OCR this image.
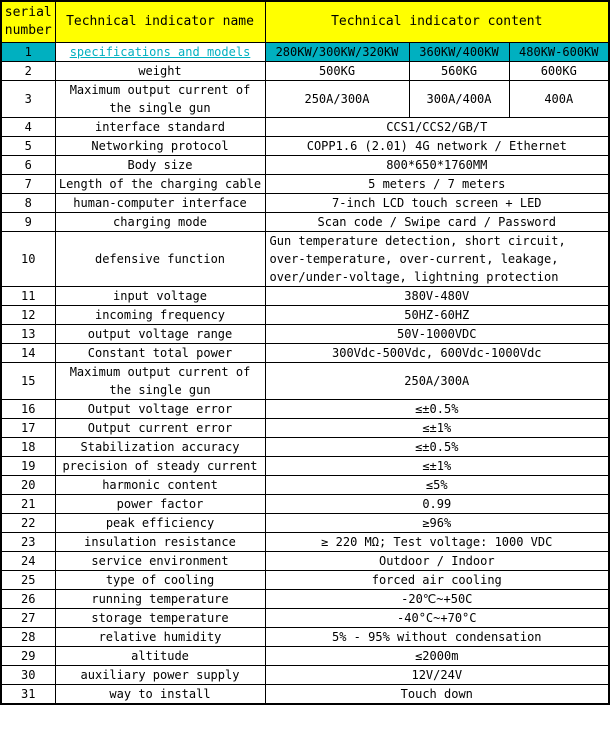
serial number	Technical indicator name	Technical indicator content		
1	specifications and models	280KW/300KW/320KW	360KW/400KW	480KW-600KW
2	weight	500KG	560KG	600KG
3	Maximum output current of the single gun	250A/300A	300A/400A	400A
4	interface standard	CCS1/CCS2/GB/T		
5	Networking protocol	COPP1.6 (2.01) 4G network / Ethernet		
6	Body size	800*650*1760MM		
7	Length of the charging cable	5 meters / 7 meters		
8	human-computer interface	7-inch LCD touch screen + LED		
9	charging mode	Scan code / Swipe card / Password		
10	defensive function	Gun temperature detection, short circuit, over-temperature, over-current, leakage, over/under-voltage, lightning protection		
11	input voltage	380V-480V		
12	incoming frequency	50HZ-60HZ		
13	output voltage range	50V-1000VDC		
14	Constant total power	300Vdc-500Vdc, 600Vdc-1000Vdc		
15	Maximum output current of the single gun	250A/300A		
16	Output voltage error	≤±0.5%		
17	Output current error	≤±1%		
18	Stabilization accuracy	≤±0.5%		
19	precision of steady current	≤±1%		
20	harmonic content	≤5%		
21	power factor	0.99		
22	peak efficiency	≥96%		
23	insulation resistance	≥ 220 MΩ; Test voltage: 1000 VDC		
24	service environment	Outdoor / Indoor		
25	type of cooling	forced air cooling		
26	running temperature	-20℃~+50C		
27	storage temperature	-40°C~+70°C		
28	relative humidity	5% - 95% without condensation		
29	altitude	≤2000m		
30	auxiliary power supply	12V/24V		
31	way to install	Touch down		
